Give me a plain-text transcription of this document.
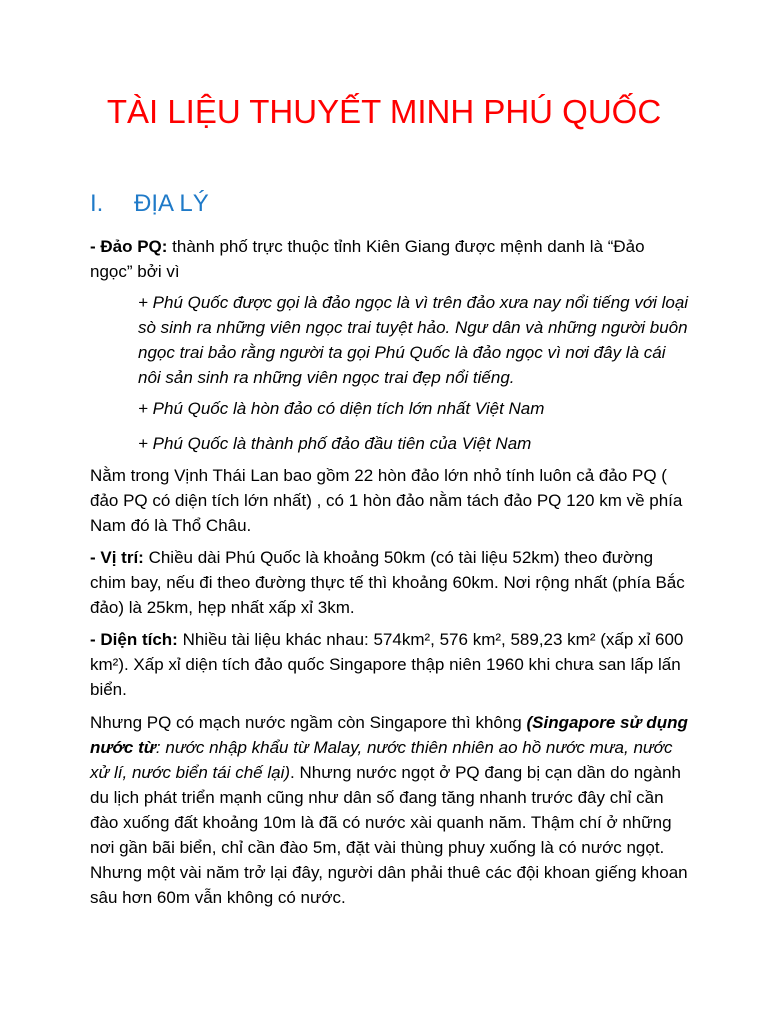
TÀI LIỆU THUYẾT MINH PHÚ QUỐC
I. ĐỊA LÝ

- Đảo PQ: thành phố trực thuộc tỉnh Kiên Giang được mệnh danh là “Đảo ngọc” bởi vì

+ Phú Quốc được gọi là đảo ngọc là vì trên đảo xưa nay nổi tiếng với loại sò sinh ra những viên ngọc trai tuyệt hảo. Ngư dân và những người buôn ngọc trai bảo rằng người ta gọi Phú Quốc là đảo ngọc vì nơi đây là cái nôi sản sinh ra những viên ngọc trai đẹp nổi tiếng.

+ Phú Quốc là hòn đảo có diện tích lớn nhất Việt Nam

+ Phú Quốc là thành phố đảo đầu tiên của Việt Nam

Nằm trong Vịnh Thái Lan bao gồm 22 hòn đảo lớn nhỏ tính luôn cả đảo PQ ( đảo PQ có diện tích lớn nhất) , có 1 hòn đảo nằm tách đảo PQ 120 km về phía Nam đó là Thổ Châu.

- Vị trí: Chiều dài Phú Quốc là khoảng 50km (có tài liệu 52km) theo đường chim bay, nếu đi theo đường thực tế thì khoảng 60km. Nơi rộng nhất (phía Bắc đảo) là 25km, hẹp nhất xấp xỉ 3km.

- Diện tích: Nhiều tài liệu khác nhau: 574km², 576 km², 589,23 km² (xấp xỉ 600 km²). Xấp xỉ diện tích đảo quốc Singapore thập niên 1960 khi chưa san lấp lấn biển.

Nhưng PQ có mạch nước ngầm còn Singapore thì không (Singapore sử dụng nước từ: nước nhập khẩu từ Malay, nước thiên nhiên ao hồ nước mưa, nước xử lí, nước biển tái chế lại). Nhưng nước ngọt ở PQ đang bị cạn dần do ngành du lịch phát triển mạnh cũng như dân số đang tăng nhanh trước đây chỉ cần đào xuống đất khoảng 10m là đã có nước xài quanh năm. Thậm chí ở những nơi gần bãi biển, chỉ cần đào 5m, đặt vài thùng phuy xuống là có nước ngọt. Nhưng một vài năm trở lại đây, người dân phải thuê các đội khoan giếng khoan sâu hơn 60m vẫn không có nước.
